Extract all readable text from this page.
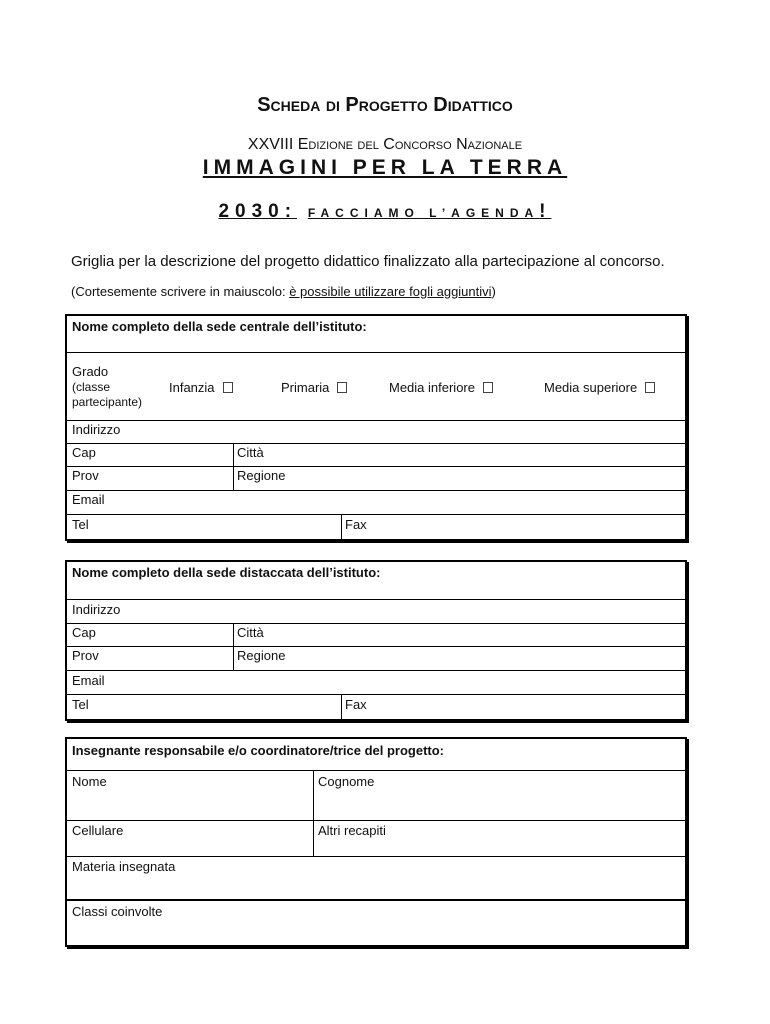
Scheda di Progetto Didattico
XXVIII Edizione del Concorso Nazionale
IMMAGINI PER LA TERRA
2030: FACCIAMO L’AGENDA!
Griglia per la descrizione del progetto didattico finalizzato alla partecipazione al concorso.
(Cortesemente scrivere in maiuscolo: è possibile utilizzare fogli aggiuntivi)
Nome completo della sede centrale dell’istituto:
Grado
(classe partecipante)
Infanzia	Primaria	Media inferiore	Media superiore
Indirizzo
Cap	Città
Prov	Regione
Email
Tel	Fax
Nome completo della sede distaccata dell’istituto:
Indirizzo
Cap	Città
Prov	Regione
Email
Tel	Fax
Insegnante responsabile e/o coordinatore/trice del progetto:
Nome	Cognome
Cellulare	Altri recapiti
Materia insegnata
Classi coinvolte
